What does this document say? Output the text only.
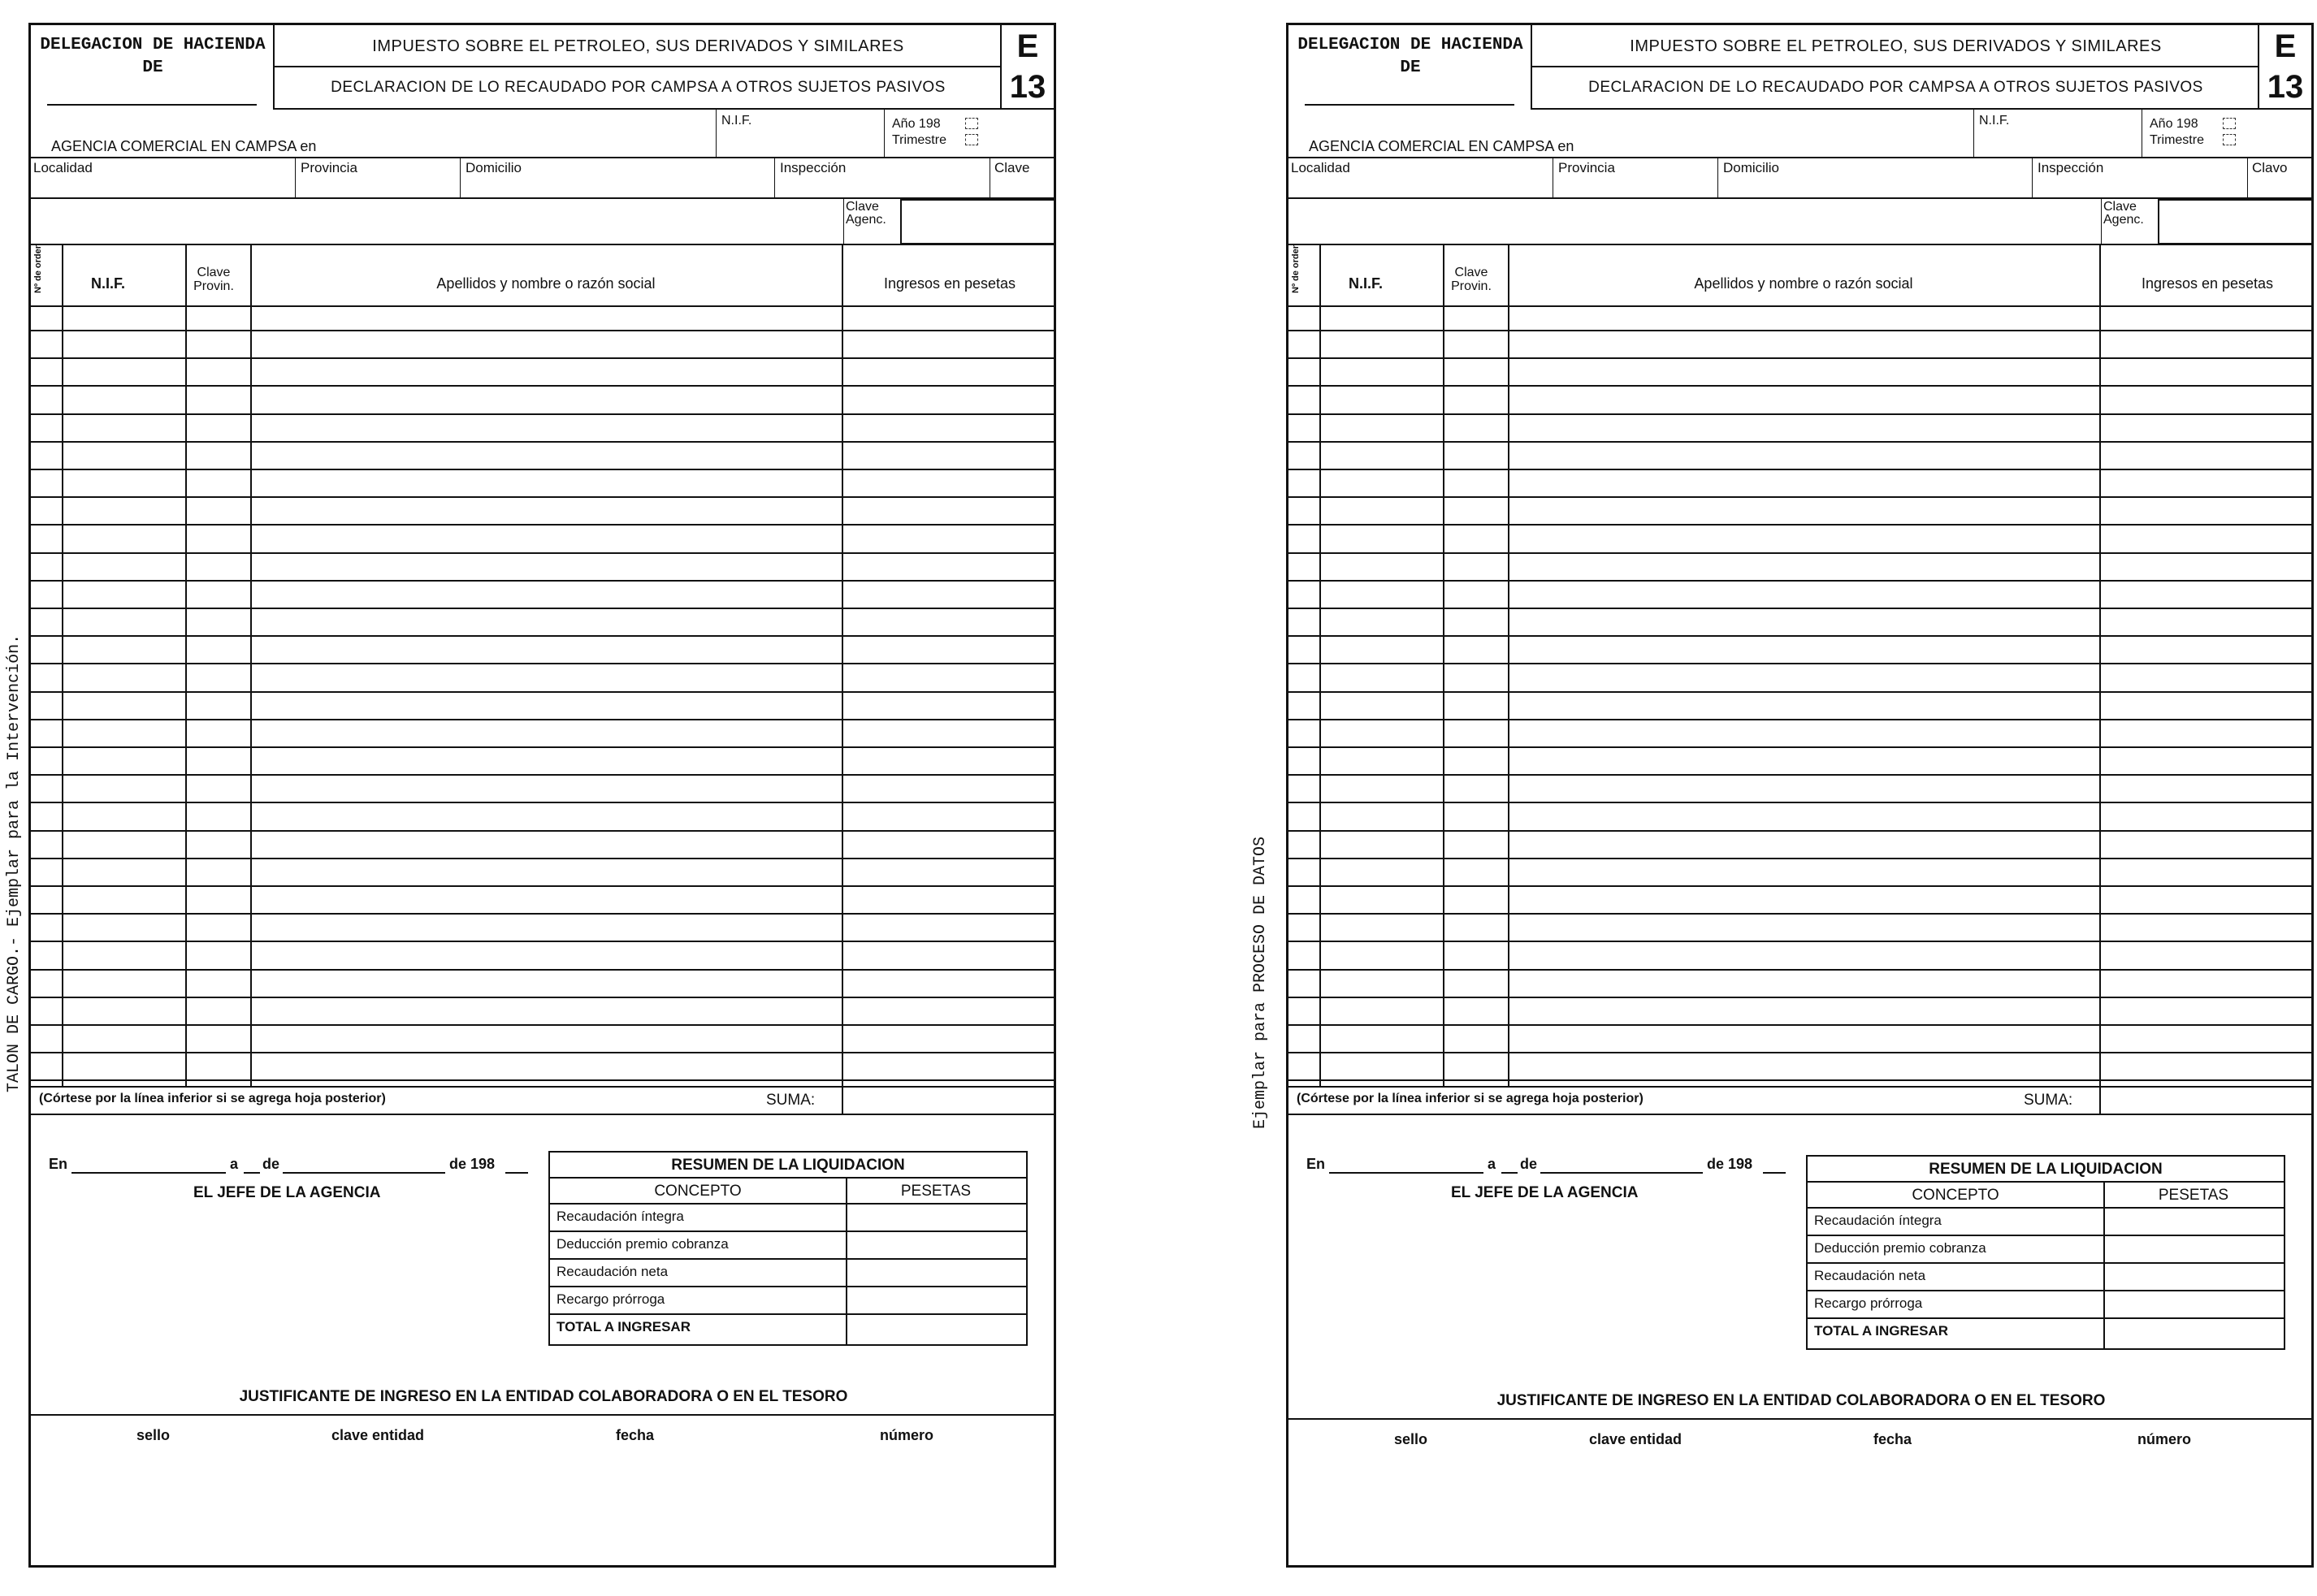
TALON DE CARGO.- Ejemplar para la Intervención.	Ejemplar para PROCESO DE DATOS
DELEGACION DE HACIENDA
DE
IMPUESTO SOBRE EL PETROLEO, SUS DERIVADOS Y SIMILARES
DECLARACION DE LO RECAUDADO POR CAMPSA A OTROS SUJETOS PASIVOS
E
13
N.I.F.	Año 198
Trimestre
AGENCIA COMERCIAL EN CAMPSA en
Localidad	Provincia	Domicilio	Inspección	Clave
Clave
Agenc.
Nº de orden	N.I.F.
Clave
Provin.	Apellidos y nombre o razón social	Ingresos en pesetas
(Córtese por la línea inferior si se agrega hoja posterior)	SUMA:
En	a de	de 198
EL JEFE DE LA AGENCIA
RESUMEN DE LA LIQUIDACION
CONCEPTO	PESETAS
Recaudación íntegra
Deducción premio cobranza
Recaudación neta
Recargo prórroga
TOTAL A INGRESAR
JUSTIFICANTE DE INGRESO EN LA ENTIDAD COLABORADORA O EN EL TESORO
sello	clave entidad	fecha	número
DELEGACION DE HACIENDA
DE
IMPUESTO SOBRE EL PETROLEO, SUS DERIVADOS Y SIMILARES
DECLARACION DE LO RECAUDADO POR CAMPSA A OTROS SUJETOS PASIVOS
E
13
N.I.F.	Año 198
Trimestre
AGENCIA COMERCIAL EN CAMPSA en
Localidad	Provincia	Domicilio	Inspección	Clavo
Clave
Agenc.
Nº de orden	N.I.F.
Clave
Provin.	Apellidos y nombre o razón social	Ingresos en pesetas
(Córtese por la línea inferior si se agrega hoja posterior)	SUMA:
En	a de	de 198
EL JEFE DE LA AGENCIA
RESUMEN DE LA LIQUIDACION
CONCEPTO	PESETAS
Recaudación íntegra
Deducción premio cobranza
Recaudación neta
Recargo prórroga
TOTAL A INGRESAR
JUSTIFICANTE DE INGRESO EN LA ENTIDAD COLABORADORA O EN EL TESORO
sello	clave entidad	fecha	número
